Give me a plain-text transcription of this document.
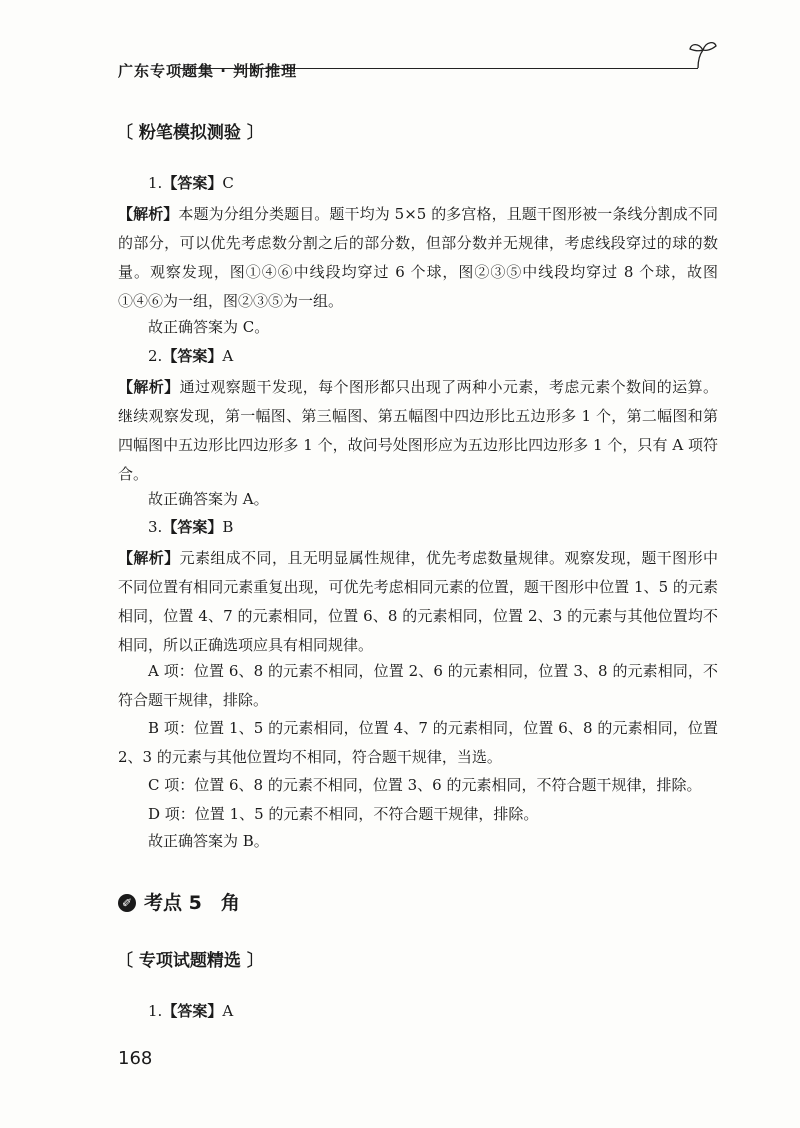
广东专项题集 · 判断推理
〔 粉笔模拟测验 〕
1.【答案】C
【解析】本题为分组分类题目。题干均为 5×5 的多宫格，且题干图形被一条线分割成不同的部分，可以优先考虑数分割之后的部分数，但部分数并无规律，考虑线段穿过的球的数量。观察发现，图①④⑥中线段均穿过 6 个球，图②③⑤中线段均穿过 8 个球，故图①④⑥为一组，图②③⑤为一组。
故正确答案为 C。
2.【答案】A
【解析】通过观察题干发现，每个图形都只出现了两种小元素，考虑元素个数间的运算。继续观察发现，第一幅图、第三幅图、第五幅图中四边形比五边形多 1 个，第二幅图和第四幅图中五边形比四边形多 1 个，故问号处图形应为五边形比四边形多 1 个，只有 A 项符合。
故正确答案为 A。
3.【答案】B
【解析】元素组成不同，且无明显属性规律，优先考虑数量规律。观察发现，题干图形中不同位置有相同元素重复出现，可优先考虑相同元素的位置，题干图形中位置 1、5 的元素相同，位置 4、7 的元素相同，位置 6、8 的元素相同，位置 2、3 的元素与其他位置均不相同，所以正确选项应具有相同规律。
A 项：位置 6、8 的元素不相同，位置 2、6 的元素相同，位置 3、8 的元素相同，不符合题干规律，排除。
B 项：位置 1、5 的元素相同，位置 4、7 的元素相同，位置 6、8 的元素相同，位置 2、3 的元素与其他位置均不相同，符合题干规律，当选。
C 项：位置 6、8 的元素不相同，位置 3、6 的元素相同，不符合题干规律，排除。
D 项：位置 1、5 的元素不相同，不符合题干规律，排除。
故正确答案为 B。
✐ 考点 5　角
〔 专项试题精选 〕
1.【答案】A
168
